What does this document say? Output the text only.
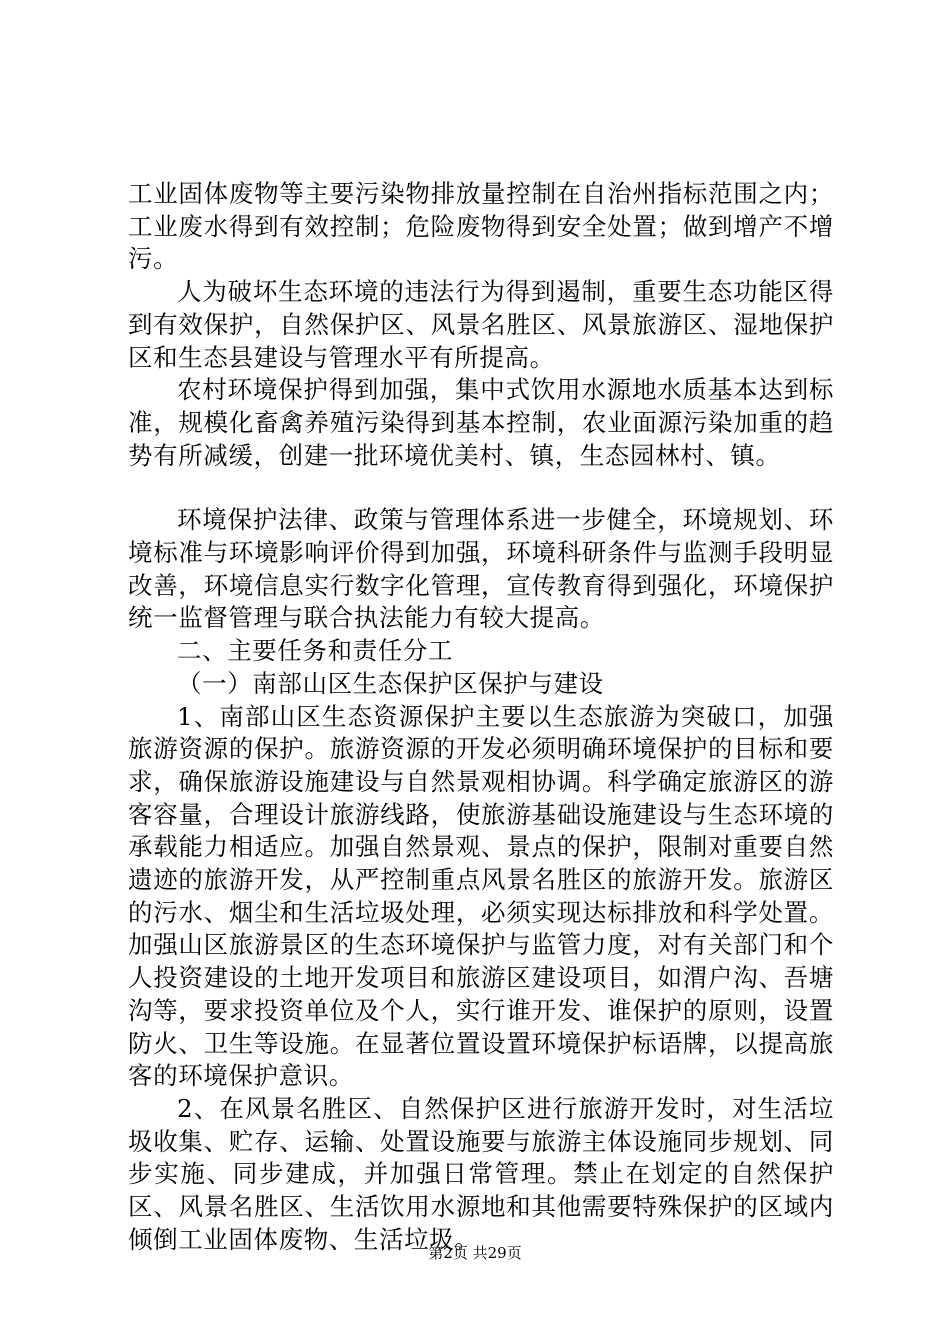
工业固体废物等主要污染物排放量控制在自治州指标范围之内；工业废水得到有效控制；危险废物得到安全处置；做到增产不增污。

人为破坏生态环境的违法行为得到遏制，重要生态功能区得到有效保护，自然保护区、风景名胜区、风景旅游区、湿地保护区和生态县建设与管理水平有所提高。

农村环境保护得到加强，集中式饮用水源地水质基本达到标准，规模化畜禽养殖污染得到基本控制，农业面源污染加重的趋势有所减缓，创建一批环境优美村、镇，生态园林村、镇。

环境保护法律、政策与管理体系进一步健全，环境规划、环境标准与环境影响评价得到加强，环境科研条件与监测手段明显改善，环境信息实行数字化管理，宣传教育得到强化，环境保护统一监督管理与联合执法能力有较大提高。

二、主要任务和责任分工

（一）南部山区生态保护区保护与建设

1、南部山区生态资源保护主要以生态旅游为突破口，加强旅游资源的保护。旅游资源的开发必须明确环境保护的目标和要求，确保旅游设施建设与自然景观相协调。科学确定旅游区的游客容量，合理设计旅游线路，使旅游基础设施建设与生态环境的承载能力相适应。加强自然景观、景点的保护，限制对重要自然遗迹的旅游开发，从严控制重点风景名胜区的旅游开发。旅游区的污水、烟尘和生活垃圾处理，必须实现达标排放和科学处置。加强山区旅游景区的生态环境保护与监管力度，对有关部门和个人投资建设的土地开发项目和旅游区建设项目，如渭户沟、吾塘沟等，要求投资单位及个人，实行谁开发、谁保护的原则，设置防火、卫生等设施。在显著位置设置环境保护标语牌，以提高旅客的环境保护意识。

2、在风景名胜区、自然保护区进行旅游开发时，对生活垃圾收集、贮存、运输、处置设施要与旅游主体设施同步规划、同步实施、同步建成，并加强日常管理。禁止在划定的自然保护区、风景名胜区、生活饮用水源地和其他需要特殊保护的区域内倾倒工业固体废物、生活垃圾。

第2页 共29页
